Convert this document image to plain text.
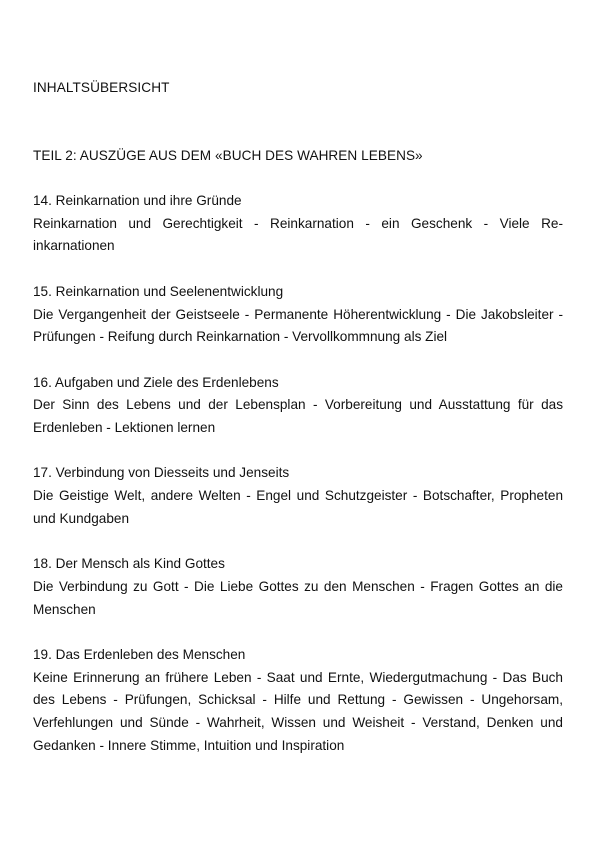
INHALTSÜBERSICHT
TEIL 2: AUSZÜGE AUS DEM «BUCH DES WAHREN LEBENS»

14. Reinkarnation und ihre Gründe

Reinkarnation und Gerechtigkeit - Reinkarnation - ein Geschenk - Viele Reinkarnationen

15. Reinkarnation und Seelenentwicklung

Die Vergangenheit der Geistseele - Permanente Höherentwicklung - Die Jakobsleiter - Prüfungen - Reifung durch Reinkarnation - Vervollkommnung als Ziel

16. Aufgaben und Ziele des Erdenlebens

Der Sinn des Lebens und der Lebensplan - Vorbereitung und Ausstattung für das Erdenleben - Lektionen lernen

17. Verbindung von Diesseits und Jenseits

Die Geistige Welt, andere Welten - Engel und Schutzgeister - Botschafter, Propheten und Kundgaben

18. Der Mensch als Kind Gottes

Die Verbindung zu Gott - Die Liebe Gottes zu den Menschen - Fragen Gottes an die Menschen

19. Das Erdenleben des Menschen

Keine Erinnerung an frühere Leben - Saat und Ernte, Wiedergutmachung - Das Buch des Lebens - Prüfungen, Schicksal - Hilfe und Rettung - Gewissen - Ungehorsam, Verfehlungen und Sünde - Wahrheit, Wissen und Weisheit - Verstand, Denken und Gedanken - Innere Stimme, Intuition und Inspiration
